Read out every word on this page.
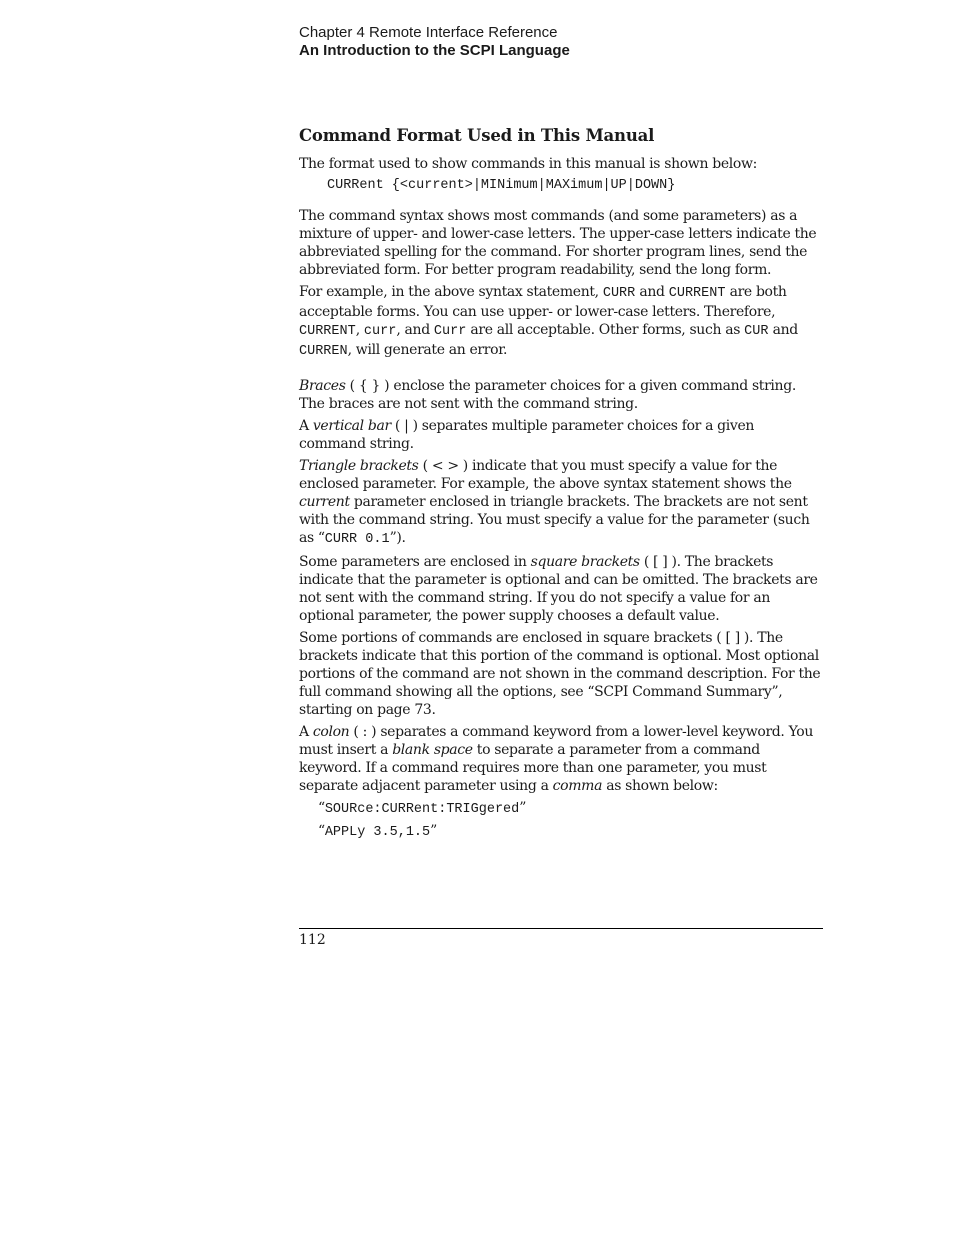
Chapter 4 Remote Interface Reference
An Introduction to the SCPI Language
Command Format Used in This Manual

The format used to show commands in this manual is shown below:

CURRent {<current>|MINimum|MAXimum|UP|DOWN}

The command syntax shows most commands (and some parameters) as a mixture of upper- and lower-case letters. The upper-case letters indicate the abbreviated spelling for the command. For shorter program lines, send the abbreviated form. For better program readability, send the long form.

For example, in the above syntax statement, CURR and CURRENT are both acceptable forms. You can use upper- or lower-case letters. Therefore, CURRENT, curr, and Curr are all acceptable. Other forms, such as CUR and CURREN, will generate an error.

Braces ( { } ) enclose the parameter choices for a given command string. The braces are not sent with the command string.

A vertical bar ( | ) separates multiple parameter choices for a given command string.

Triangle brackets ( < > ) indicate that you must specify a value for the enclosed parameter. For example, the above syntax statement shows the current parameter enclosed in triangle brackets. The brackets are not sent with the command string. You must specify a value for the parameter (such as “CURR 0.1”).

Some parameters are enclosed in square brackets ( [ ] ). The brackets indicate that the parameter is optional and can be omitted. The brackets are not sent with the command string. If you do not specify a value for an optional parameter, the power supply chooses a default value.

Some portions of commands are enclosed in square brackets ( [ ] ). The brackets indicate that this portion of the command is optional. Most optional portions of the command are not shown in the command description. For the full command showing all the options, see “SCPI Command Summary”, starting on page 73.

A colon ( : ) separates a command keyword from a lower-level keyword. You must insert a blank space to separate a parameter from a command keyword. If a command requires more than one parameter, you must separate adjacent parameter using a comma as shown below:

“SOURce:CURRent:TRIGgered”
“APPLy 3.5,1.5”
112
